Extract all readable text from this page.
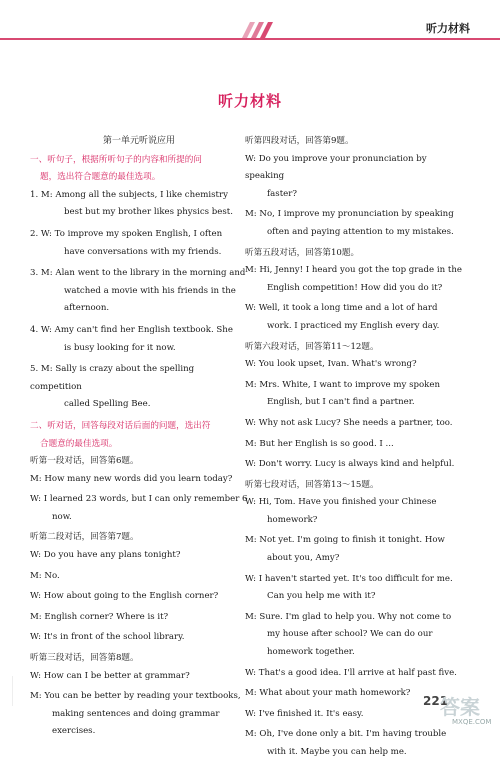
听力材料
听力材料
第一单元听说应用
一、听句子，根据所听句子的内容和所提的问
题，选出符合题意的最佳选项。
1. M: Among all the subjects, I like chemistry
best but my brother likes physics best.
2. W: To improve my spoken English, I often
have conversations with my friends.
3. M: Alan went to the library in the morning and
watched a movie with his friends in the
afternoon.
4. W: Amy can't find her English textbook. She
is busy looking for it now.
5. M: Sally is crazy about the spelling competition
called Spelling Bee.
二、听对话，回答每段对话后面的问题，选出符
合题意的最佳选项。
听第一段对话，回答第6题。
M: How many new words did you learn today?
W: I learned 23 words, but I can only remember 6
now.
听第二段对话，回答第7题。
W: Do you have any plans tonight?
M: No.
W: How about going to the English corner?
M: English corner? Where is it?
W: It's in front of the school library.
听第三段对话，回答第8题。
W: How can I be better at grammar?
M: You can be better by reading your textbooks,
making sentences and doing grammar exercises.
听第四段对话，回答第9题。
W: Do you improve your pronunciation by speaking
faster?
M: No, I improve my pronunciation by speaking
often and paying attention to my mistakes.
听第五段对话，回答第10题。
M: Hi, Jenny! I heard you got the top grade in the
English competition! How did you do it?
W: Well, it took a long time and a lot of hard
work. I practiced my English every day.
听第六段对话，回答第11～12题。
W: You look upset, Ivan. What's wrong?
M: Mrs. White, I want to improve my spoken
English, but I can't find a partner.
W: Why not ask Lucy? She needs a partner, too.
M: But her English is so good. I ...
W: Don't worry. Lucy is always kind and helpful.
听第七段对话，回答第13～15题。
W: Hi, Tom. Have you finished your Chinese
homework?
M: Not yet. I'm going to finish it tonight. How
about you, Amy?
W: I haven't started yet. It's too difficult for me.
Can you help me with it?
M: Sure. I'm glad to help you. Why not come to
my house after school? We can do our
homework together.
W: That's a good idea. I'll arrive at half past five.
M: What about your math homework?
W: I've finished it. It's easy.
M: Oh, I've done only a bit. I'm having trouble
with it. Maybe you can help me.
221
答案
MXQE.COM
